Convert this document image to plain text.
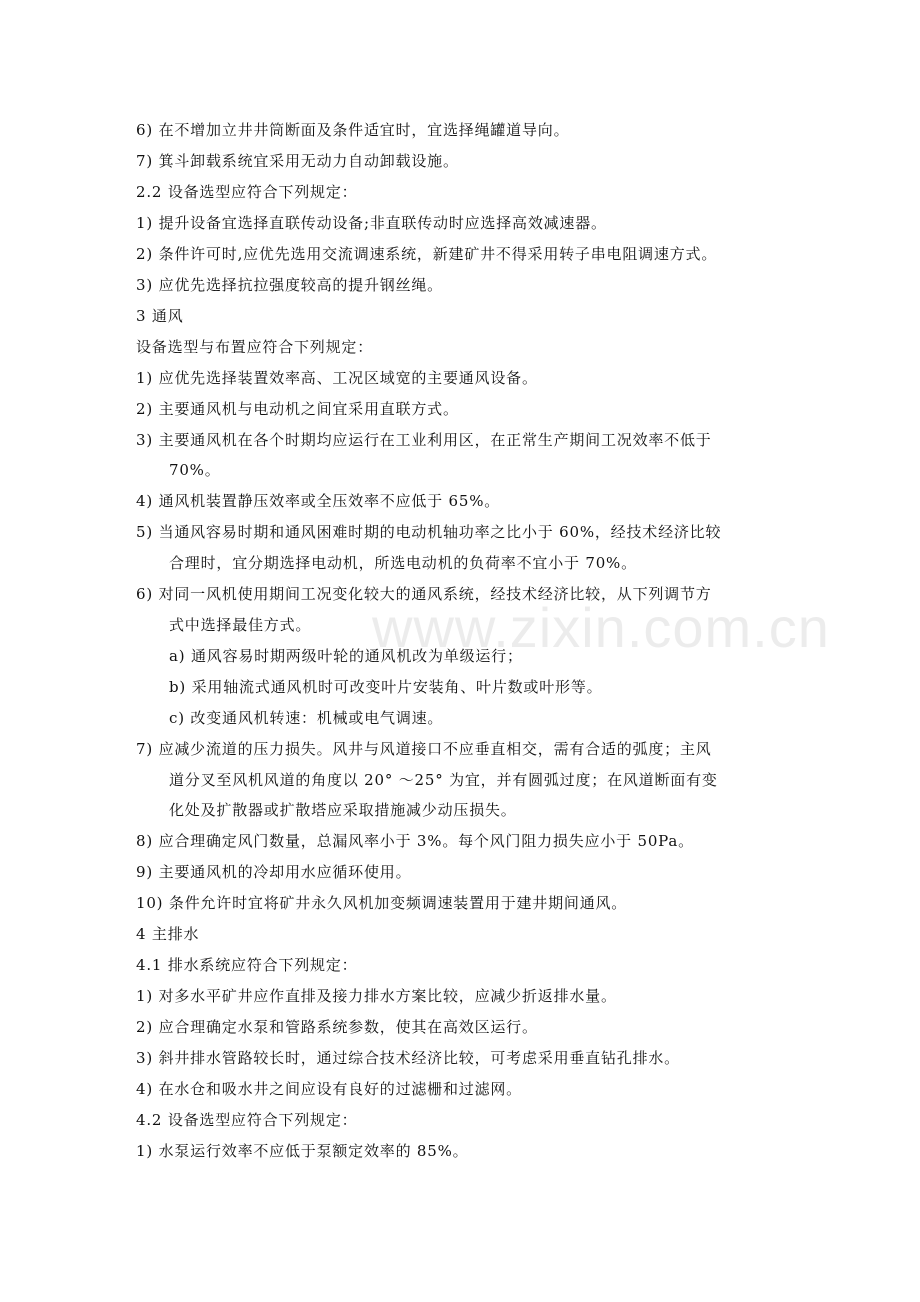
www.zixin.com.cn
6) 在不增加立井井筒断面及条件适宜时，宜选择绳罐道导向。
7) 箕斗卸载系统宜采用无动力自动卸载设施。
2.2 设备选型应符合下列规定：
1) 提升设备宜选择直联传动设备;非直联传动时应选择高效减速器。
2) 条件许可时,应优先选用交流调速系统，新建矿井不得采用转子串电阻调速方式。
3) 应优先选择抗拉强度较高的提升钢丝绳。
3 通风
设备选型与布置应符合下列规定：
1) 应优先选择装置效率高、工况区域宽的主要通风设备。
2) 主要通风机与电动机之间宜采用直联方式。
3) 主要通风机在各个时期均应运行在工业利用区，在正常生产期间工况效率不低于
70%。
4) 通风机装置静压效率或全压效率不应低于 65%。
5) 当通风容易时期和通风困难时期的电动机轴功率之比小于 60%，经技术经济比较
合理时，宜分期选择电动机，所选电动机的负荷率不宜小于 70%。
6) 对同一风机使用期间工况变化较大的通风系统，经技术经济比较，从下列调节方
式中选择最佳方式。
a) 通风容易时期两级叶轮的通风机改为单级运行；
b) 采用轴流式通风机时可改变叶片安装角、叶片数或叶形等。
c) 改变通风机转速：机械或电气调速。
7) 应减少流道的压力损失。风井与风道接口不应垂直相交，需有合适的弧度；主风
道分叉至风机风道的角度以 20° ～25° 为宜，并有圆弧过度；在风道断面有变
化处及扩散器或扩散塔应采取措施减少动压损失。
8) 应合理确定风门数量，总漏风率小于 3%。每个风门阻力损失应小于 50Pa。
9) 主要通风机的冷却用水应循环使用。
10) 条件允许时宜将矿井永久风机加变频调速装置用于建井期间通风。
4 主排水
4.1 排水系统应符合下列规定：
1) 对多水平矿井应作直排及接力排水方案比较，应减少折返排水量。
2) 应合理确定水泵和管路系统参数，使其在高效区运行。
3) 斜井排水管路较长时，通过综合技术经济比较，可考虑采用垂直钻孔排水。
4) 在水仓和吸水井之间应设有良好的过滤栅和过滤网。
4.2 设备选型应符合下列规定：
1) 水泵运行效率不应低于泵额定效率的 85%。
